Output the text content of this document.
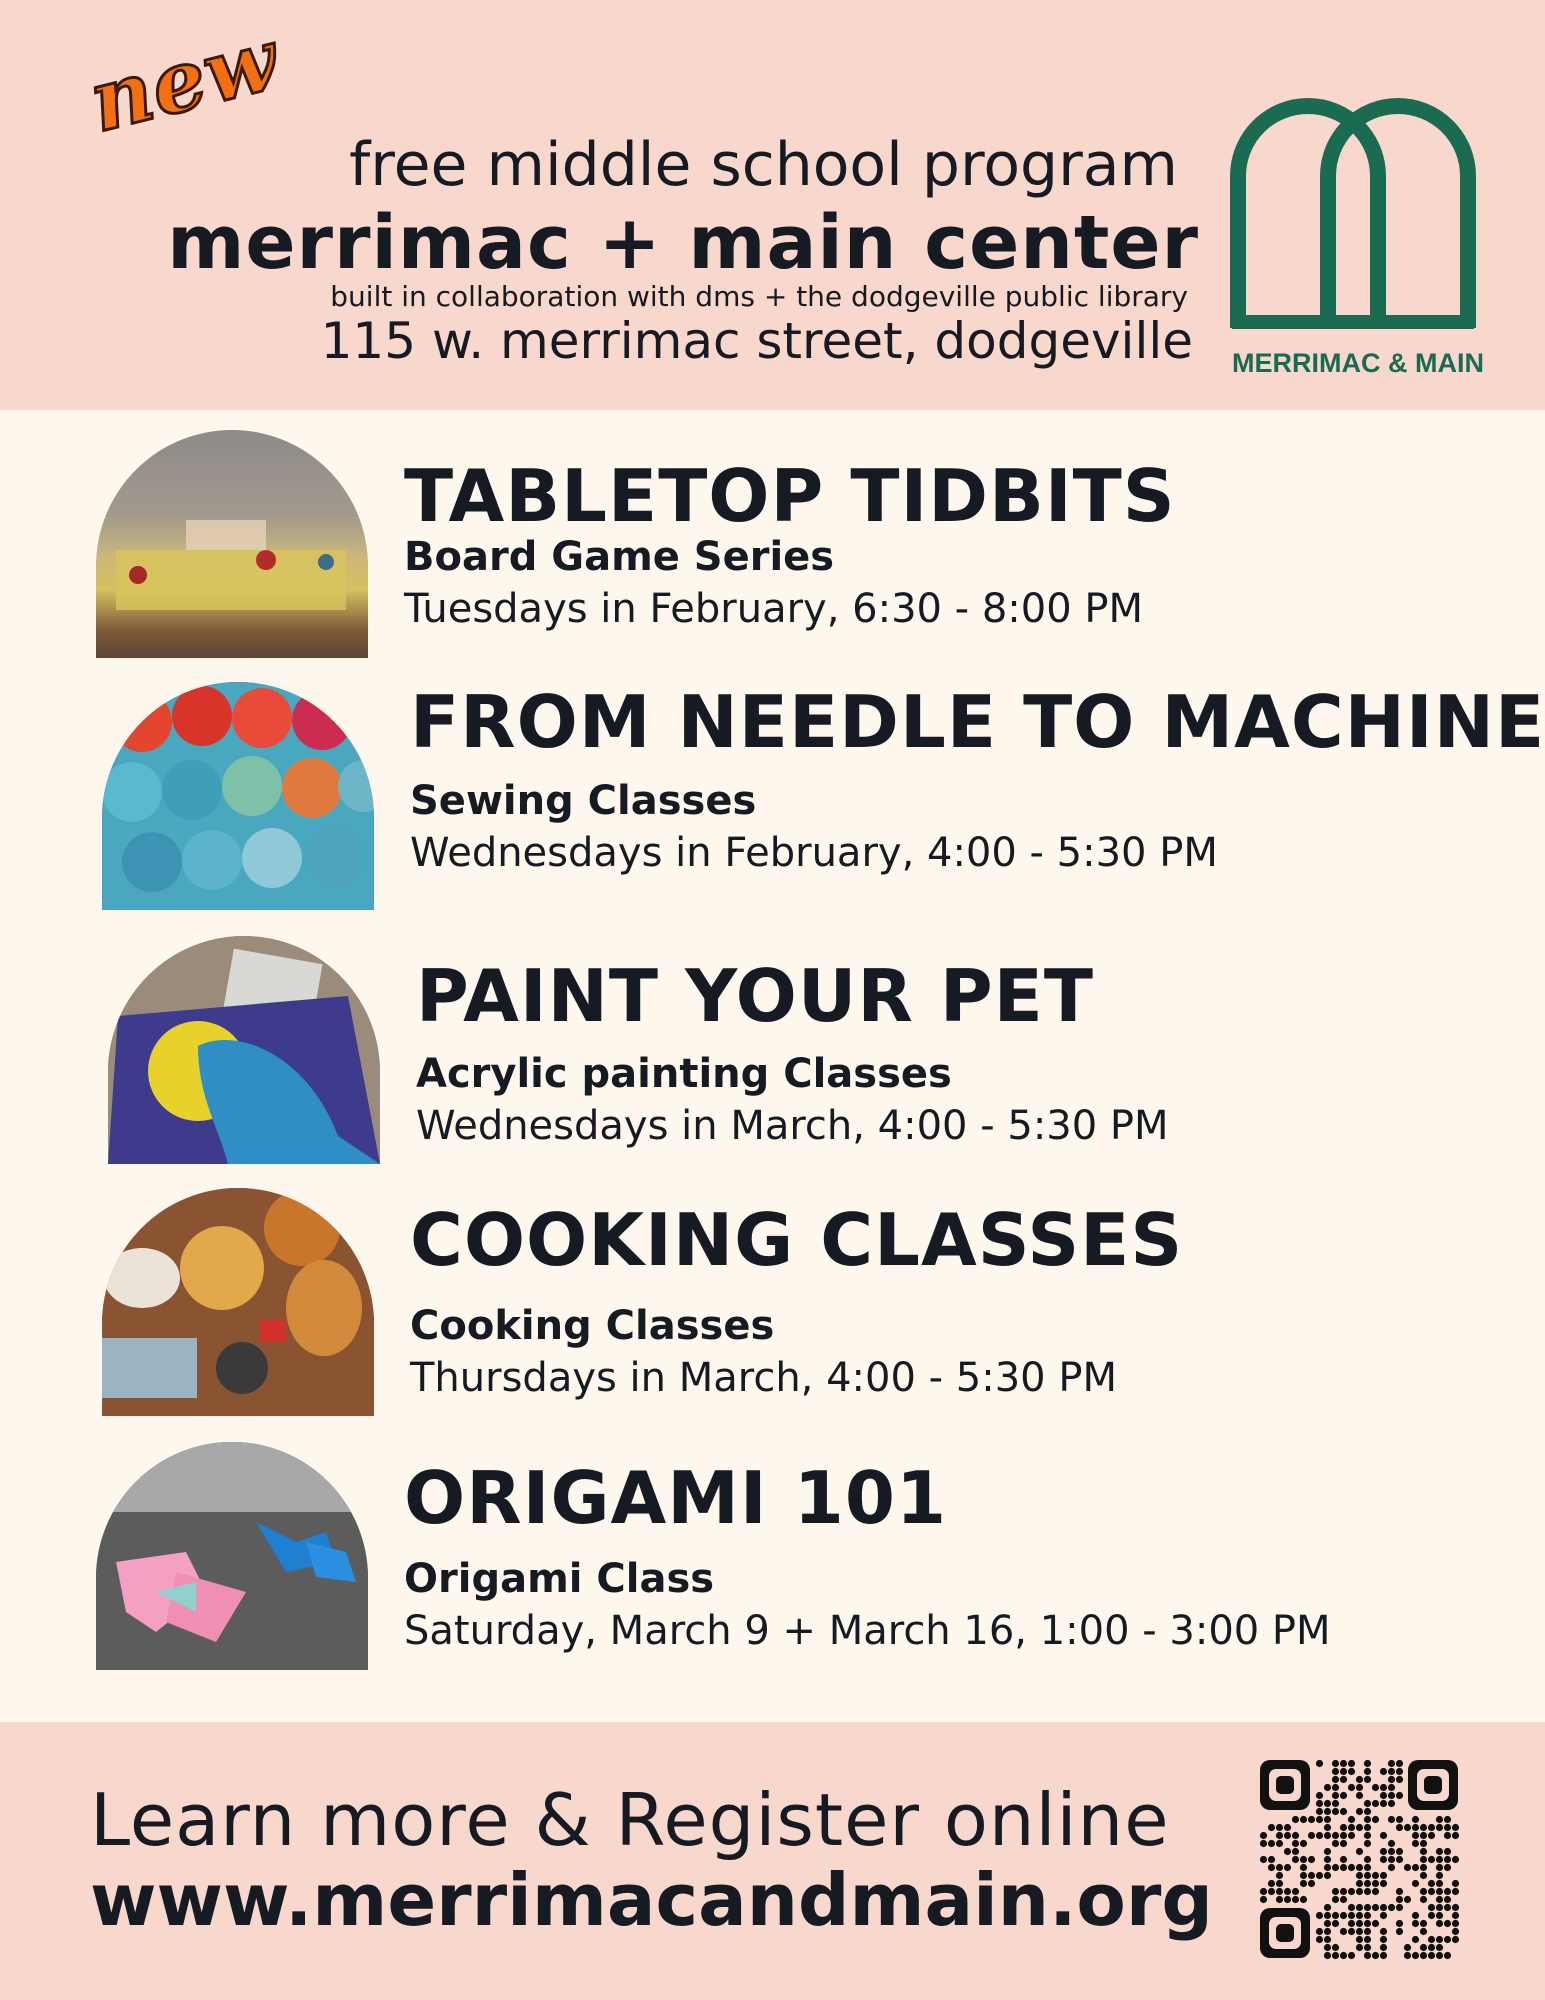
new
free middle school program
merrimac + main center
built in collaboration with dms + the dodgeville public library
115 w. merrimac street, dodgeville MERRIMAC & MAIN
TABLETOP TIDBITS
Board Game Series
Tuesdays in February, 6:30 - 8:00 PM
FROM NEEDLE TO MACHINE
Sewing Classes
Wednesdays in February, 4:00 - 5:30 PM
PAINT YOUR PET
Acrylic painting Classes
Wednesdays in March, 4:00 - 5:30 PM
COOKING CLASSES
Cooking Classes
Thursdays in March, 4:00 - 5:30 PM
ORIGAMI 101
Origami Class
Saturday, March 9 + March 16, 1:00 - 3:00 PM
Learn more & Register online
www.merrimacandmain.org
